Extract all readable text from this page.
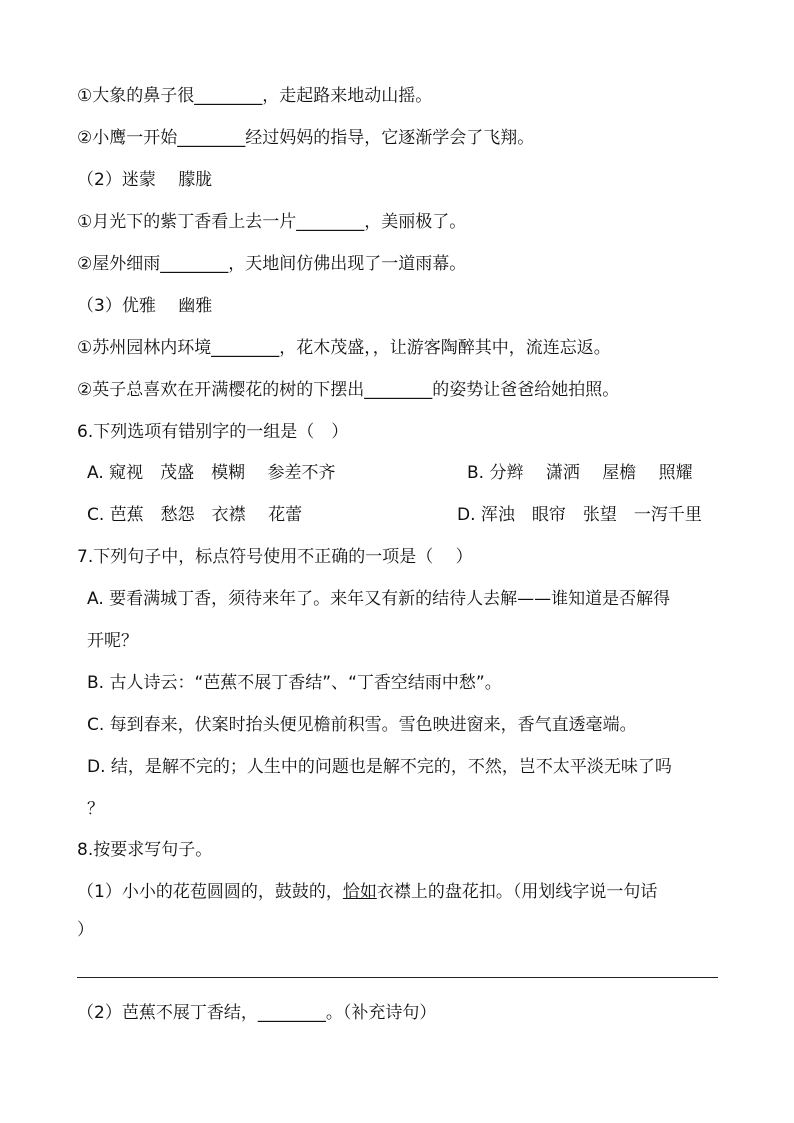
①大象的鼻子很________，走起路来地动山摇。
②小鹰一开始________经过妈妈的指导，它逐渐学会了飞翔。
（2）迷蒙　 朦胧
①月光下的紫丁香看上去一片________，美丽极了。
②屋外细雨________，天地间仿佛出现了一道雨幕。
（3）优雅　 幽雅
①苏州园林内环境________，花木茂盛，，让游客陶醉其中，流连忘返。
②英子总喜欢在开满樱花的树的下摆出________的姿势让爸爸给她拍照。
6.下列选项有错别字的一组是（　）
A. 窥视　茂盛　模糊　 参差不齐	B. 分辫　 潇洒　 屋檐　 照耀
C. 芭蕉　愁怨　衣襟　 花蕾	D. 浑浊　眼帘　张望　一泻千里
7.下列句子中，标点符号使用不正确的一项是（　 ）
A. 要看满城丁香，须待来年了。来年又有新的结待人去解——谁知道是否解得
开呢？
B. 古人诗云：“芭蕉不展丁香结”、“丁香空结雨中愁”。
C. 每到春来，伏案时抬头便见檐前积雪。雪色映进窗来，香气直透毫端。
D. 结，是解不完的；人生中的问题也是解不完的，不然，岂不太平淡无味了吗
？
8.按要求写句子。
（1）小小的花苞圆圆的，鼓鼓的，恰如衣襟上的盘花扣。（用划线字说一句话
）
（2）芭蕉不展丁香结，________。（补充诗句）
